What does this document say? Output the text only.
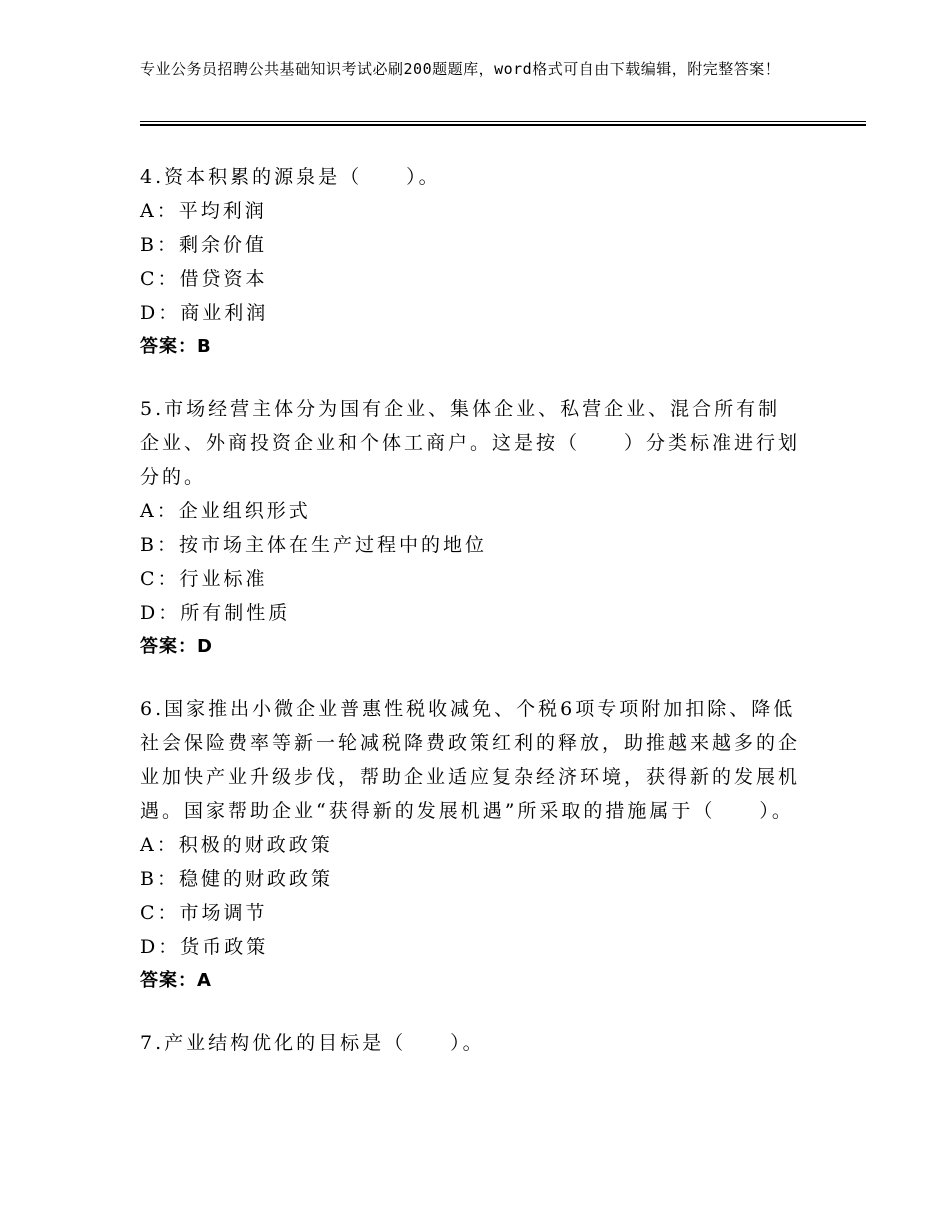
专业公务员招聘公共基础知识考试必刷200题题库，word格式可自由下载编辑，附完整答案！

4.资本积累的源泉是（　　）。

A：平均利润
B：剩余价值
C：借贷资本
D：商业利润
答案：B

5.市场经营主体分为国有企业、集体企业、私营企业、混合所有制企业、外商投资企业和个体工商户。这是按（　　）分类标准进行划分的。

A：企业组织形式
B：按市场主体在生产过程中的地位
C：行业标准
D：所有制性质
答案：D

6.国家推出小微企业普惠性税收减免、个税6项专项附加扣除、降低社会保险费率等新一轮减税降费政策红利的释放，助推越来越多的企业加快产业升级步伐，帮助企业适应复杂经济环境，获得新的发展机遇。国家帮助企业“获得新的发展机遇”所采取的措施属于（　　）。

A：积极的财政政策
B：稳健的财政政策
C：市场调节
D：货币政策
答案：A

7.产业结构优化的目标是（　　）。
